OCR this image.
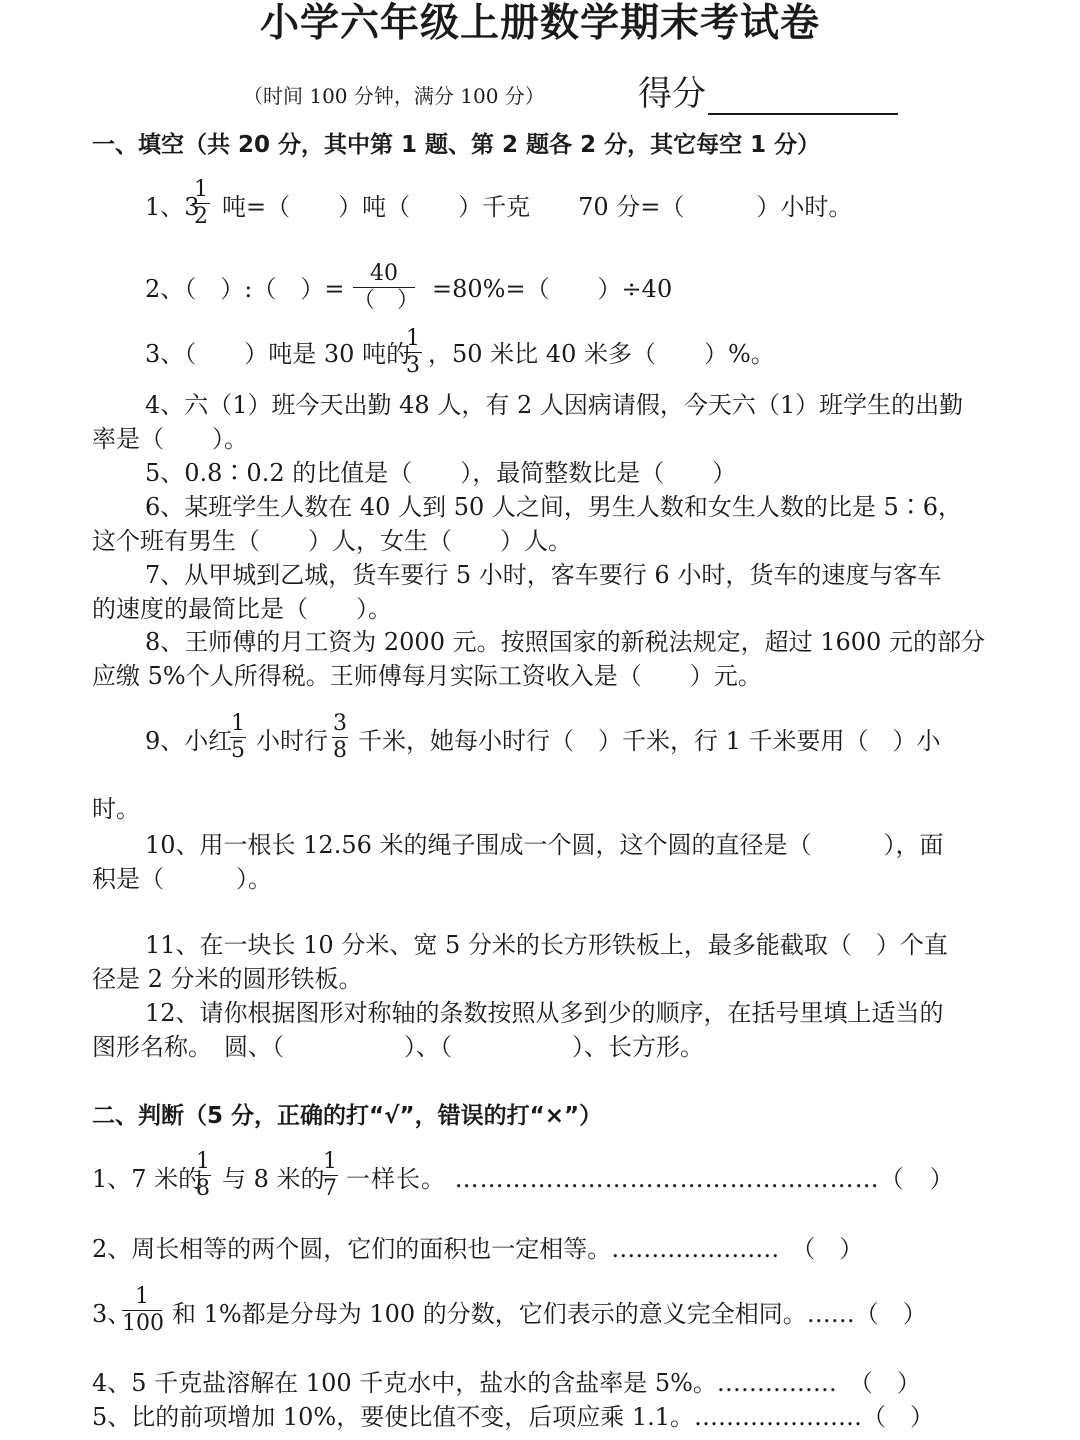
小学六年级上册数学期末考试卷
（时间 100 分钟，满分 100 分）	得分
一、填空（共 20 分，其中第 1 题、第 2 题各 2 分，其它每空 1 分）
1、3
1
2 吨=（　　）吨（　　）千克　　70 分=（　　　）小时。
2、（　）:（　）=
40
（　） =80%=（　　）÷40
3、（　　）吨是 30 吨的
1
3 ，50 米比 40 米多（　　）%。
4、六（1）班今天出勤 48 人，有 2 人因病请假，今天六（1）班学生的出勤
率是（　　）。
5、0.8∶0.2 的比值是（　　），最简整数比是（　　）
6、某班学生人数在 40 人到 50 人之间，男生人数和女生人数的比是 5∶6，
这个班有男生（　　）人，女生（　　）人。
7、从甲城到乙城，货车要行 5 小时，客车要行 6 小时，货车的速度与客车
的速度的最简比是（　　）。
8、王师傅的月工资为 2000 元。按照国家的新税法规定，超过 1600 元的部分
应缴 5%个人所得税。王师傅每月实际工资收入是（　　）元。
9、小红
1
5 小时行
3
8 千米，她每小时行（　）千米，行 1 千米要用（　）小
时。
10、用一根长 12.56 米的绳子围成一个圆，这个圆的直径是（　　　），面
积是（　　　）。
11、在一块长 10 分米、宽 5 分米的长方形铁板上，最多能截取（　）个直
径是 2 分米的圆形铁板。
12、请你根据图形对称轴的条数按照从多到少的顺序，在括号里填上适当的
图形名称。　圆、（　　　　　）、（　　　　　）、长方形。
二、判断（5 分，正确的打“√”，错误的打“×”）
1、7 米的
1
8 与 8 米的
1
7 一样长。 ……………………………………………（　）
2、周长相等的两个圆，它们的面积也一定相等。…………………　（　）
3、
1
100 和 1%都是分母为 100 的分数，它们表示的意义完全相同。……（　）
4、5 千克盐溶解在 100 千克水中，盐水的含盐率是 5%。……………　（　）
5、比的前项增加 10%，要使比值不变，后项应乘 1.1。…………………（　）
